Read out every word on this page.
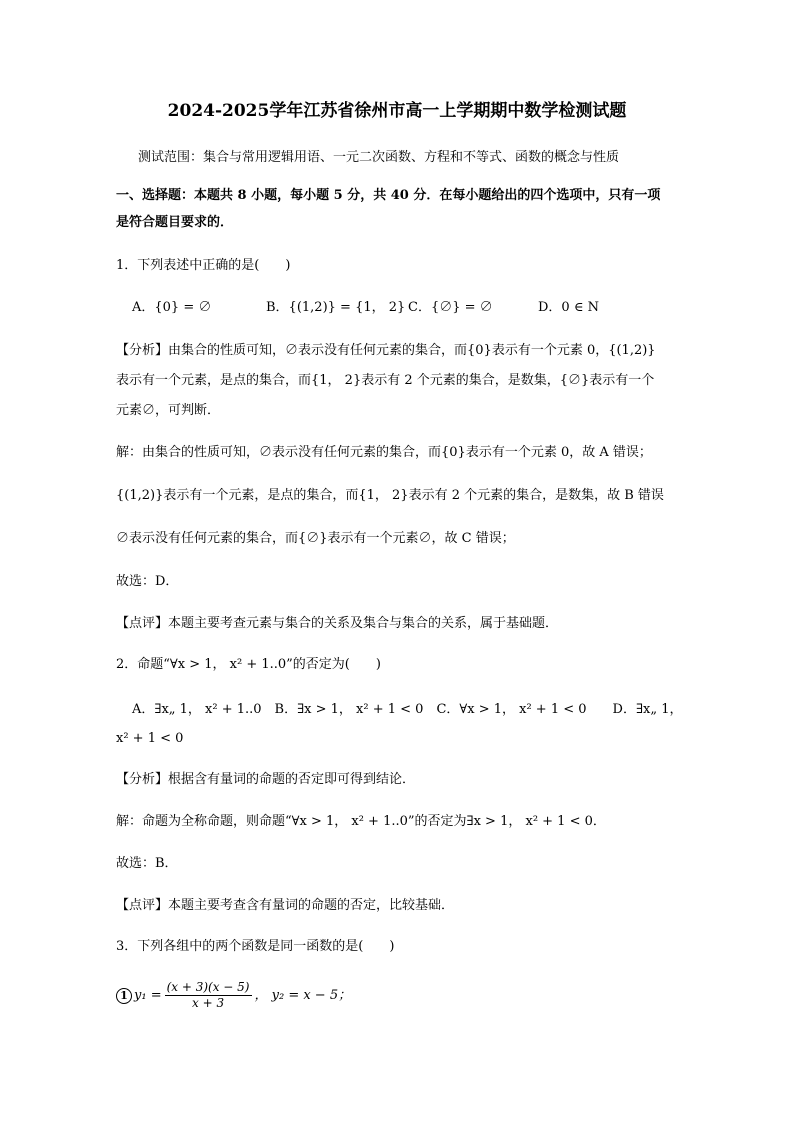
2024-2025学年江苏省徐州市高一上学期期中数学检测试题
测试范围：集合与常用逻辑用语、一元二次函数、方程和不等式、函数的概念与性质
一、选择题：本题共 8 小题，每小题 5 分，共 40 分．在每小题给出的四个选项中，只有一项
是符合题目要求的．
1．下列表述中正确的是(　　)
A．{0} = ∅	B．{(1,2)} = {1， 2} C．{∅} = ∅	D．0 ∈ N
【分析】由集合的性质可知，∅表示没有任何元素的集合，而{0}表示有一个元素 0，{(1,2)}
表示有一个元素，是点的集合，而{1， 2}表示有 2 个元素的集合，是数集，{∅}表示有一个
元素∅，可判断．
解：由集合的性质可知，∅表示没有任何元素的集合，而{0}表示有一个元素 0，故 A 错误；
{(1,2)}表示有一个元素，是点的集合，而{1， 2}表示有 2 个元素的集合，是数集，故 B 错误
∅表示没有任何元素的集合，而{∅}表示有一个元素∅，故 C 错误；
故选：D．
【点评】本题主要考查元素与集合的关系及集合与集合的关系，属于基础题．
2．命题“∀x > 1， x² + 1..0”的否定为(　　)
A．∃x„ 1， x² + 1..0　B．∃x > 1， x² + 1 < 0　C．∀x > 1， x² + 1 < 0　　D．∃x„ 1，
x² + 1 < 0
【分析】根据含有量词的命题的否定即可得到结论．
解：命题为全称命题，则命题“∀x > 1， x² + 1..0”的否定为∃x > 1， x² + 1 < 0．
故选：B．
【点评】本题主要考查含有量词的命题的否定，比较基础．
3．下列各组中的两个函数是同一函数的是(　　)
1 $y_1 = \frac{(x + 3)(x - 5)}{x + 3}$ ， y₂ = x − 5；
